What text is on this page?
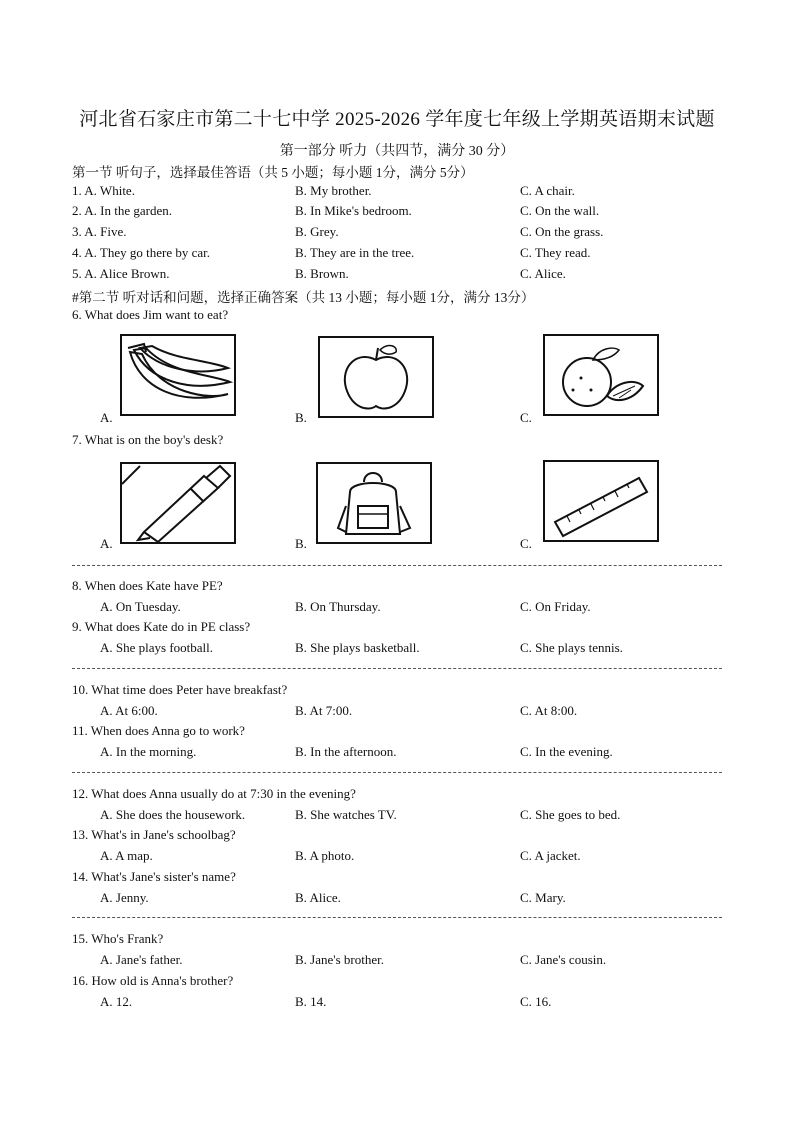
河北省石家庄市第二十七中学 2025-2026 学年度七年级上学期英语期末试题
第一部分 听力（共四节，满分 30 分）
第一节 听句子，选择最佳答语（共 5 小题；每小题 1分，满分 5分）
1. A. White.	B. My brother.	C. A chair.
2. A. In the garden.	B. In Mike's bedroom.	C. On the wall.
3. A. Five.	B. Grey.	C. On the grass.
4. A. They go there by car.	B. They are in the tree.	C. They read.
5. A. Alice Brown.	B. Brown.	C. Alice.
#第二节 听对话和问题，选择正确答案（共 13 小题；每小题 1分，满分 13分）
6. What does Jim want to eat?
A.	B.	C.
7. What is on the boy's desk?
A.	B.	C.
8. When does Kate have PE?
A. On Tuesday.	B. On Thursday.	C. On Friday.
9. What does Kate do in PE class?
A. She plays football.	B. She plays basketball.	C. She plays tennis.
10. What time does Peter have breakfast?
A. At 6:00.	B. At 7:00.	C. At 8:00.
11. When does Anna go to work?
A. In the morning.	B. In the afternoon.	C. In the evening.
12. What does Anna usually do at 7:30 in the evening?
A. She does the housework.	B. She watches TV.	C. She goes to bed.
13. What's in Jane's schoolbag?
A. A map.	B. A photo.	C. A jacket.
14. What's Jane's sister's name?
A. Jenny.	B. Alice.	C. Mary.
15. Who's Frank?
A. Jane's father.	B. Jane's brother.	C. Jane's cousin.
16. How old is Anna's brother?
A. 12.	B. 14.	C. 16.
